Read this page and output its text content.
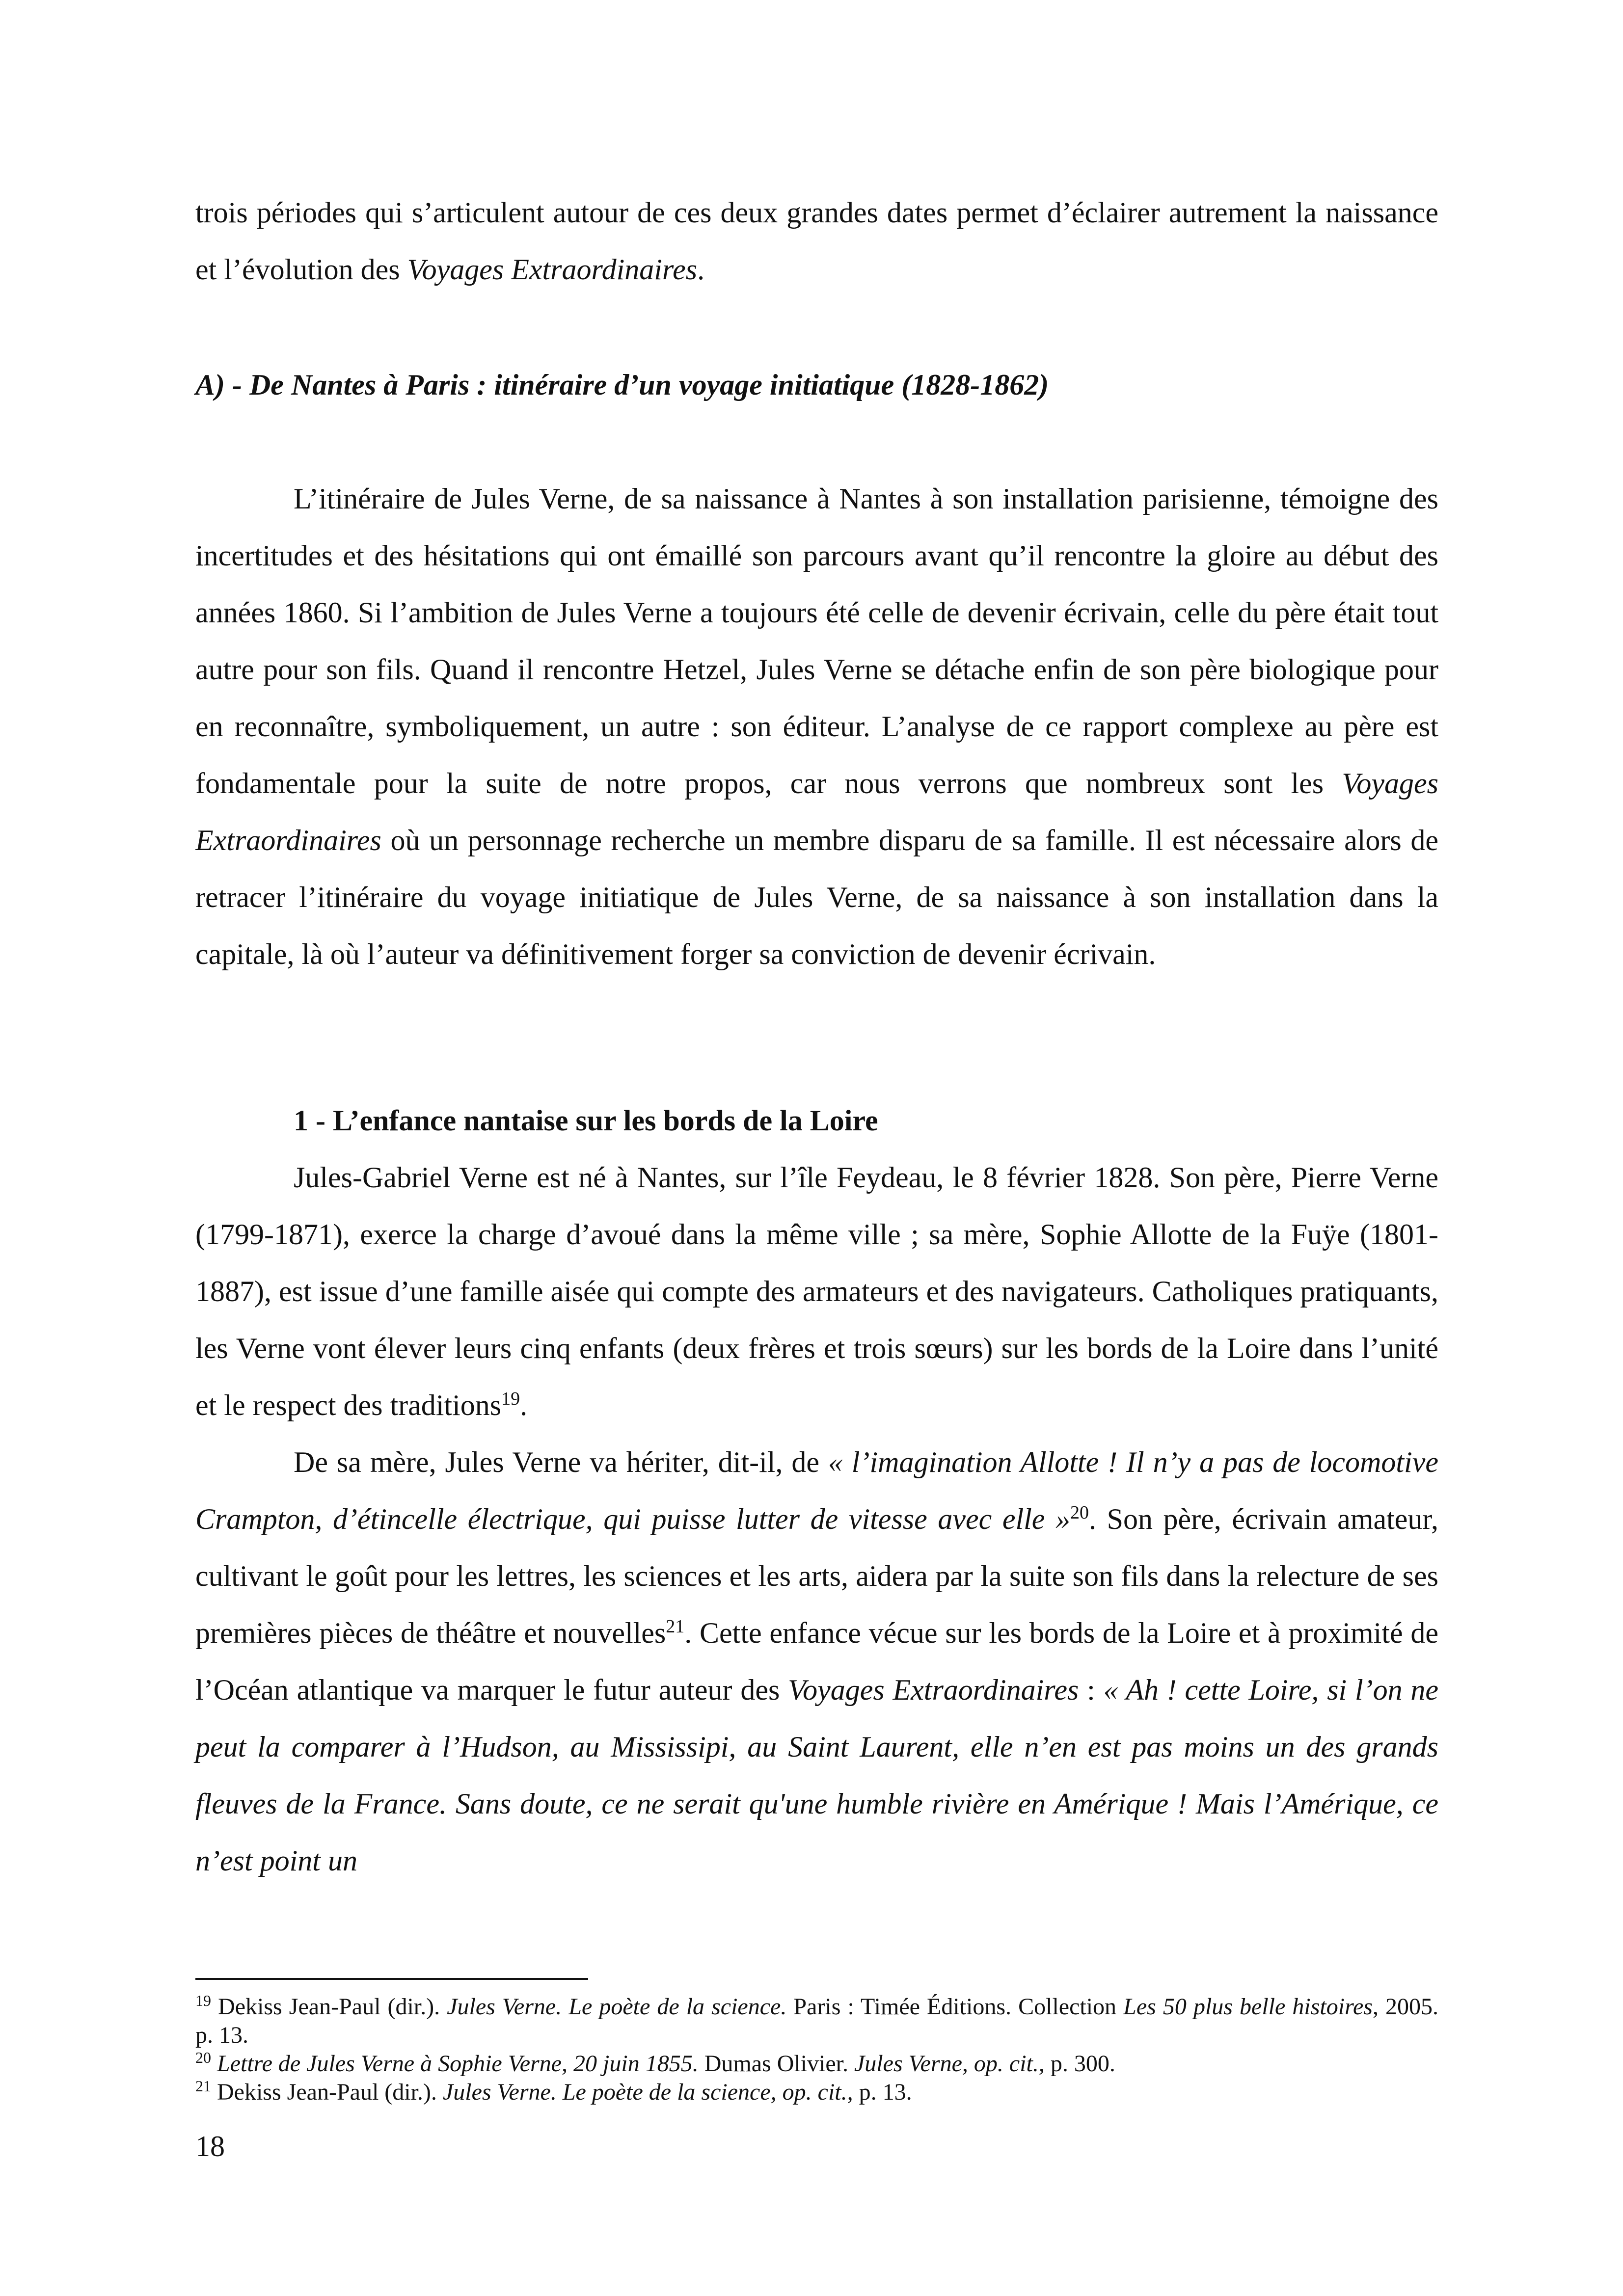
trois périodes qui s’articulent autour de ces deux grandes dates permet d’éclairer autrement la naissance et l’évolution des Voyages Extraordinaires.

A) - De Nantes à Paris : itinéraire d’un voyage initiatique (1828-1862)

L’itinéraire de Jules Verne, de sa naissance à Nantes à son installation parisienne, témoigne des incertitudes et des hésitations qui ont émaillé son parcours avant qu’il rencontre la gloire au début des années 1860. Si l’ambition de Jules Verne a toujours été celle de devenir écrivain, celle du père était tout autre pour son fils. Quand il rencontre Hetzel, Jules Verne se détache enfin de son père biologique pour en reconnaître, symboliquement, un autre : son éditeur. L’analyse de ce rapport complexe au père est fondamentale pour la suite de notre propos, car nous verrons que nombreux sont les Voyages Extraordinaires où un personnage recherche un membre disparu de sa famille. Il est nécessaire alors de retracer l’itinéraire du voyage initiatique de Jules Verne, de sa naissance à son installation dans la capitale, là où l’auteur va définitivement forger sa conviction de devenir écrivain.

1 - L’enfance nantaise sur les bords de la Loire

Jules-Gabriel Verne est né à Nantes, sur l’île Feydeau, le 8 février 1828. Son père, Pierre Verne (1799-1871), exerce la charge d’avoué dans la même ville ; sa mère, Sophie Allotte de la Fuÿe (1801-1887), est issue d’une famille aisée qui compte des armateurs et des navigateurs. Catholiques pratiquants, les Verne vont élever leurs cinq enfants (deux frères et trois sœurs) sur les bords de la Loire dans l’unité et le respect des traditions$^{19}$.

De sa mère, Jules Verne va hériter, dit-il, de « l’imagination Allotte ! Il n’y a pas de locomotive Crampton, d’étincelle électrique, qui puisse lutter de vitesse avec elle »$^{20}$. Son père, écrivain amateur, cultivant le goût pour les lettres, les sciences et les arts, aidera par la suite son fils dans la relecture de ses premières pièces de théâtre et nouvelles$^{21}$. Cette enfance vécue sur les bords de la Loire et à proximité de l’Océan atlantique va marquer le futur auteur des Voyages Extraordinaires : « Ah ! cette Loire, si l’on ne peut la comparer à l’Hudson, au Mississipi, au Saint Laurent, elle n’en est pas moins un des grands fleuves de la France. Sans doute, ce ne serait qu'une humble rivière en Amérique ! Mais l’Amérique, ce n’est point un

$^{19}$ Dekiss Jean-Paul (dir.). Jules Verne. Le poète de la science. Paris : Timée Éditions. Collection Les 50 plus belle histoires, 2005. p. 13.

$^{20}$ Lettre de Jules Verne à Sophie Verne, 20 juin 1855. Dumas Olivier. Jules Verne, op. cit., p. 300.

$^{21}$ Dekiss Jean-Paul (dir.). Jules Verne. Le poète de la science, op. cit., p. 13.

18
